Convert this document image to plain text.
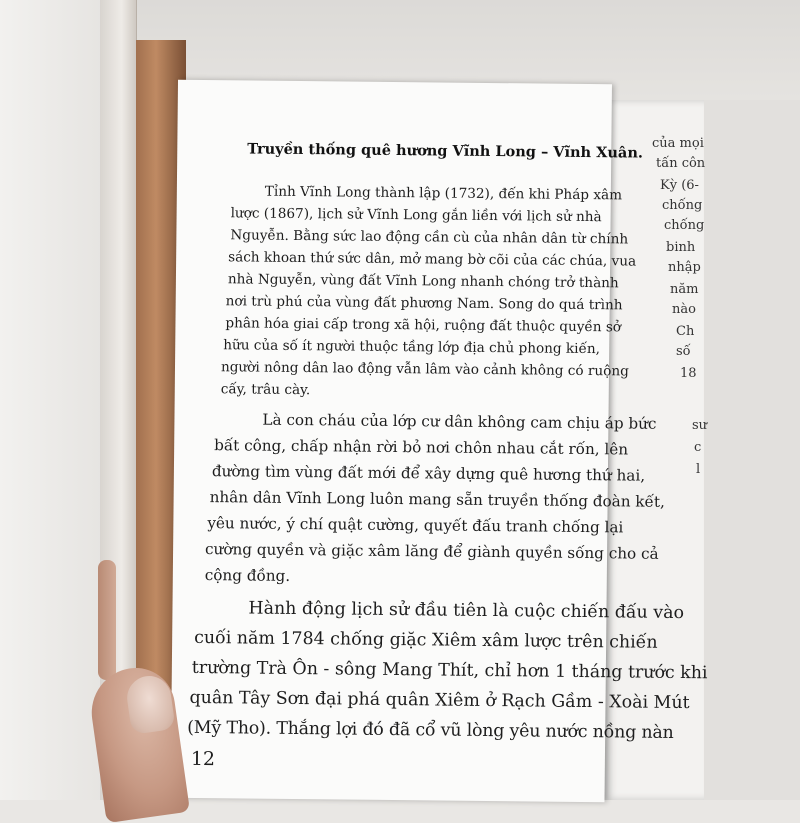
của mọi
tấn côn
Kỳ (6-
chống
chống
binh
nhập
năm
nào
Ch
số
18
sư
c
l
Truyền thống quê hương Vĩnh Long – Vĩnh Xuân.
Tỉnh Vĩnh Long thành lập (1732), đến khi Pháp xâm
lược (1867), lịch sử Vĩnh Long gắn liền với lịch sử nhà
Nguyễn. Bằng sức lao động cần cù của nhân dân từ chính
sách khoan thứ sức dân, mở mang bờ cõi của các chúa, vua
nhà Nguyễn, vùng đất Vĩnh Long nhanh chóng trở thành
nơi trù phú của vùng đất phương Nam. Song do quá trình
phân hóa giai cấp trong xã hội, ruộng đất thuộc quyền sở
hữu của số ít người thuộc tầng lớp địa chủ phong kiến,
người nông dân lao động vẫn lâm vào cảnh không có ruộng
cấy, trâu cày.
Là con cháu của lớp cư dân không cam chịu áp bức
bất công, chấp nhận rời bỏ nơi chôn nhau cắt rốn, lên
đường tìm vùng đất mới để xây dựng quê hương thứ hai,
nhân dân Vĩnh Long luôn mang sẵn truyền thống đoàn kết,
yêu nước, ý chí quật cường, quyết đấu tranh chống lại
cường quyền và giặc xâm lăng để giành quyền sống cho cả
cộng đồng.
Hành động lịch sử đầu tiên là cuộc chiến đấu vào
cuối năm 1784 chống giặc Xiêm xâm lược trên chiến
trường Trà Ôn - sông Mang Thít, chỉ hơn 1 tháng trước khi
quân Tây Sơn đại phá quân Xiêm ở Rạch Gầm - Xoài Mút
(Mỹ Tho). Thắng lợi đó đã cổ vũ lòng yêu nước nồng nàn
12
